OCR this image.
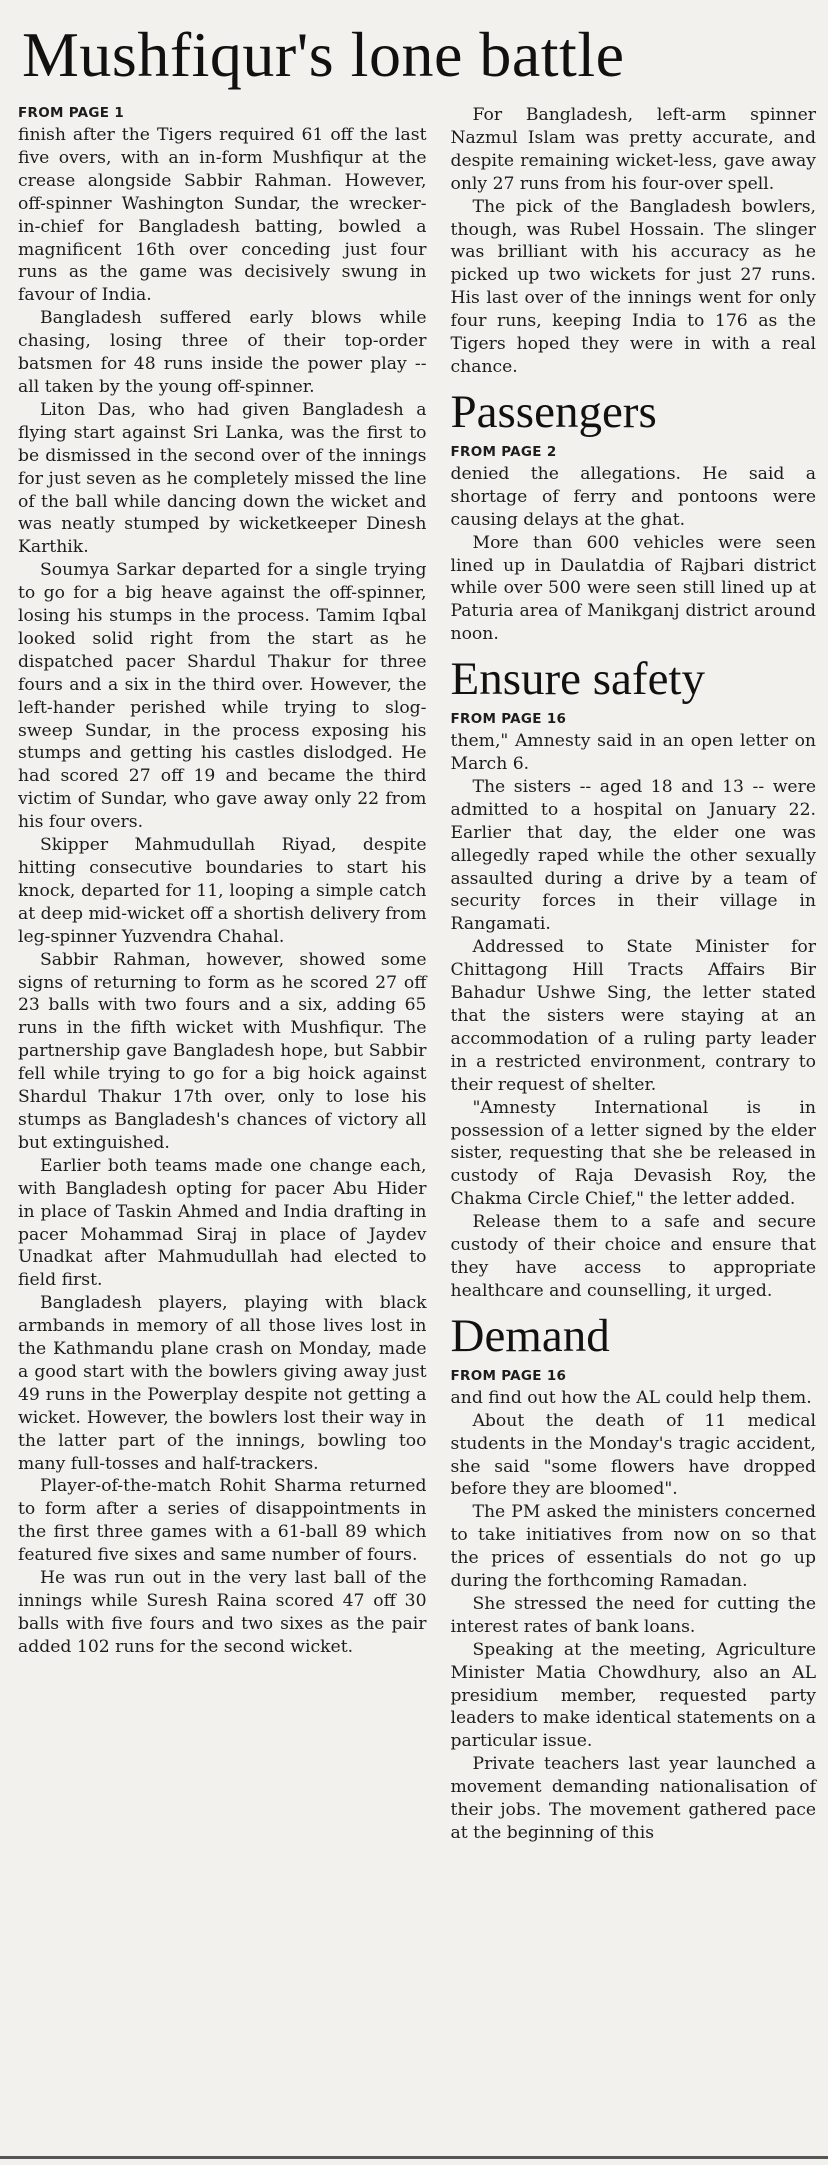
Mushfiqur's lone battle
FROM PAGE 1

finish after the Tigers required 61 off the last five overs, with an in-form Mushfiqur at the crease alongside Sabbir Rahman. However, off-spinner Washington Sundar, the wrecker-in-chief for Bangladesh batting, bowled a magnificent 16th over conceding just four runs as the game was decisively swung in favour of India.

Bangladesh suffered early blows while chasing, losing three of their top-order batsmen for 48 runs inside the power play -- all taken by the young off-spinner.

Liton Das, who had given Bangladesh a flying start against Sri Lanka, was the first to be dismissed in the second over of the innings for just seven as he completely missed the line of the ball while dancing down the wicket and was neatly stumped by wicketkeeper Dinesh Karthik.

Soumya Sarkar departed for a single trying to go for a big heave against the off-spinner, losing his stumps in the process. Tamim Iqbal looked solid right from the start as he dispatched pacer Shardul Thakur for three fours and a six in the third over. However, the left-hander perished while trying to slog-sweep Sundar, in the process exposing his stumps and getting his castles dislodged. He had scored 27 off 19 and became the third victim of Sundar, who gave away only 22 from his four overs.

Skipper Mahmudullah Riyad, despite hitting consecutive boundaries to start his knock, departed for 11, looping a simple catch at deep mid-wicket off a shortish delivery from leg-spinner Yuzvendra Chahal.

Sabbir Rahman, however, showed some signs of returning to form as he scored 27 off 23 balls with two fours and a six, adding 65 runs in the fifth wicket with Mushfiqur. The partnership gave Bangladesh hope, but Sabbir fell while trying to go for a big hoick against Shardul Thakur 17th over, only to lose his stumps as Bangladesh's chances of victory all but extinguished.

Earlier both teams made one change each, with Bangladesh opting for pacer Abu Hider in place of Taskin Ahmed and India drafting in pacer Mohammad Siraj in place of Jaydev Unadkat after Mahmudullah had elected to field first.

Bangladesh players, playing with black armbands in memory of all those lives lost in the Kathmandu plane crash on Monday, made a good start with the bowlers giving away just 49 runs in the Powerplay despite not getting a wicket. However, the bowlers lost their way in the latter part of the innings, bowling too many full-tosses and half-trackers.

Player-of-the-match Rohit Sharma returned to form after a series of disappointments in the first three games with a 61-ball 89 which featured five sixes and same number of fours.

He was run out in the very last ball of the innings while Suresh Raina scored 47 off 30 balls with five fours and two sixes as the pair added 102 runs for the second wicket.

For Bangladesh, left-arm spinner Nazmul Islam was pretty accurate, and despite remaining wicket-less, gave away only 27 runs from his four-over spell.

The pick of the Bangladesh bowlers, though, was Rubel Hossain. The slinger was brilliant with his accuracy as he picked up two wickets for just 27 runs. His last over of the innings went for only four runs, keeping India to 176 as the Tigers hoped they were in with a real chance.

Passengers
FROM PAGE 2

denied the allegations. He said a shortage of ferry and pontoons were causing delays at the ghat.

More than 600 vehicles were seen lined up in Daulatdia of Rajbari district while over 500 were seen still lined up at Paturia area of Manikganj district around noon.

Ensure safety
FROM PAGE 16

them," Amnesty said in an open letter on March 6.

The sisters -- aged 18 and 13 -- were admitted to a hospital on January 22. Earlier that day, the elder one was allegedly raped while the other sexually assaulted during a drive by a team of security forces in their village in Rangamati.

Addressed to State Minister for Chittagong Hill Tracts Affairs Bir Bahadur Ushwe Sing, the letter stated that the sisters were staying at an accommodation of a ruling party leader in a restricted environment, contrary to their request of shelter.

"Amnesty International is in possession of a letter signed by the elder sister, requesting that she be released in custody of Raja Devasish Roy, the Chakma Circle Chief," the letter added.

Release them to a safe and secure custody of their choice and ensure that they have access to appropriate healthcare and counselling, it urged.

Demand
FROM PAGE 16

and find out how the AL could help them.

About the death of 11 medical students in the Monday's tragic accident, she said "some flowers have dropped before they are bloomed".

The PM asked the ministers concerned to take initiatives from now on so that the prices of essentials do not go up during the forthcoming Ramadan.

She stressed the need for cutting the interest rates of bank loans.

Speaking at the meeting, Agriculture Minister Matia Chowdhury, also an AL presidium member, requested party leaders to make identical statements on a particular issue.

Private teachers last year launched a movement demanding nationalisation of their jobs. The movement gathered pace at the beginning of this
